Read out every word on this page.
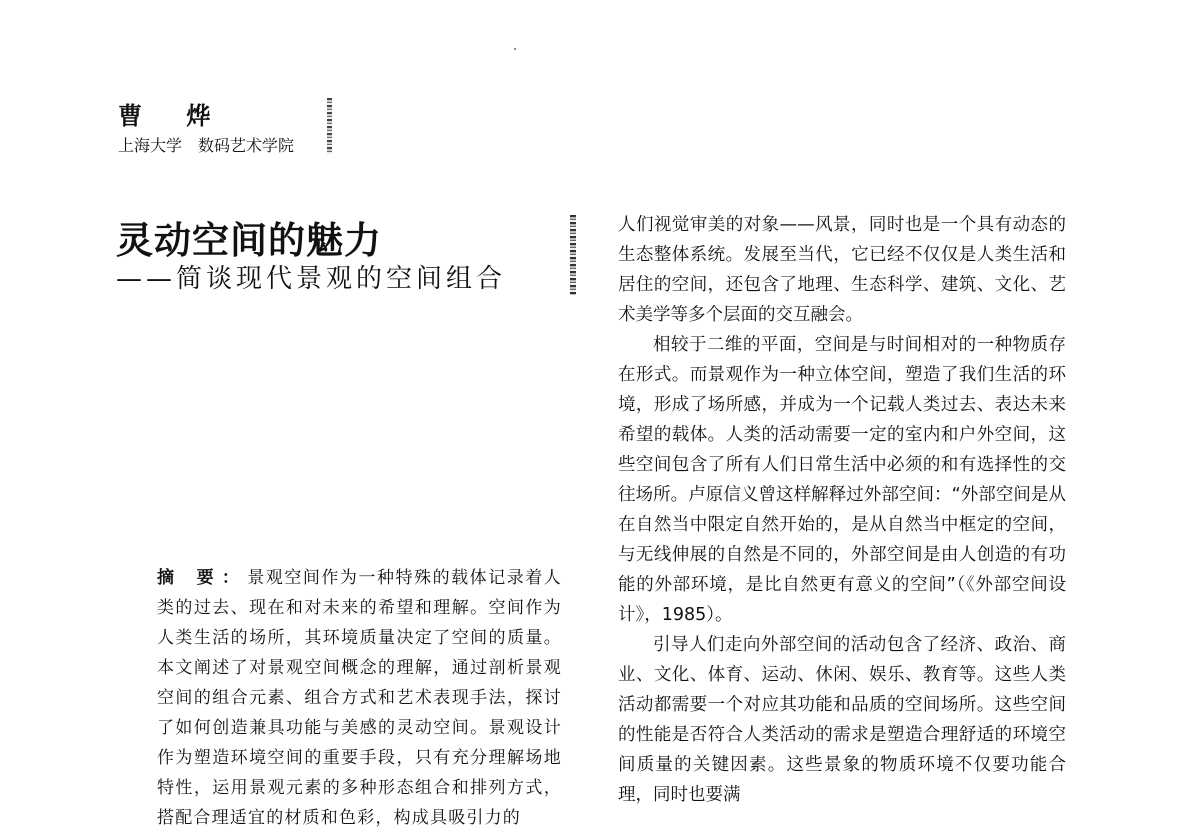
曹 烨
上海大学 数码艺术学院
灵动空间的魅力
——简谈现代景观的空间组合

摘 要：景观空间作为一种特殊的载体记录着人类的过去、现在和对未来的希望和理解。空间作为人类生活的场所，其环境质量决定了空间的质量。本文阐述了对景观空间概念的理解，通过剖析景观空间的组合元素、组合方式和艺术表现手法，探讨了如何创造兼具功能与美感的灵动空间。景观设计作为塑造环境空间的重要手段，只有充分理解场地特性，运用景观元素的多种形态组合和排列方式，搭配合理适宜的材质和色彩，构成具吸引力的

人们视觉审美的对象——风景，同时也是一个具有动态的生态整体系统。发展至当代，它已经不仅仅是人类生活和居住的空间，还包含了地理、生态科学、建筑、文化、艺术美学等多个层面的交互融会。

相较于二维的平面，空间是与时间相对的一种物质存在形式。而景观作为一种立体空间，塑造了我们生活的环境，形成了场所感，并成为一个记载人类过去、表达未来希望的载体。人类的活动需要一定的室内和户外空间，这些空间包含了所有人们日常生活中必须的和有选择性的交往场所。卢原信义曾这样解释过外部空间：“外部空间是从在自然当中限定自然开始的，是从自然当中框定的空间，与无线伸展的自然是不同的，外部空间是由人创造的有功能的外部环境，是比自然更有意义的空间”（《外部空间设计》，1985）。

引导人们走向外部空间的活动包含了经济、政治、商业、文化、体育、运动、休闲、娱乐、教育等。这些人类活动都需要一个对应其功能和品质的空间场所。这些空间的性能是否符合人类活动的需求是塑造合理舒适的环境空间质量的关键因素。这些景象的物质环境不仅要功能合理，同时也要满
